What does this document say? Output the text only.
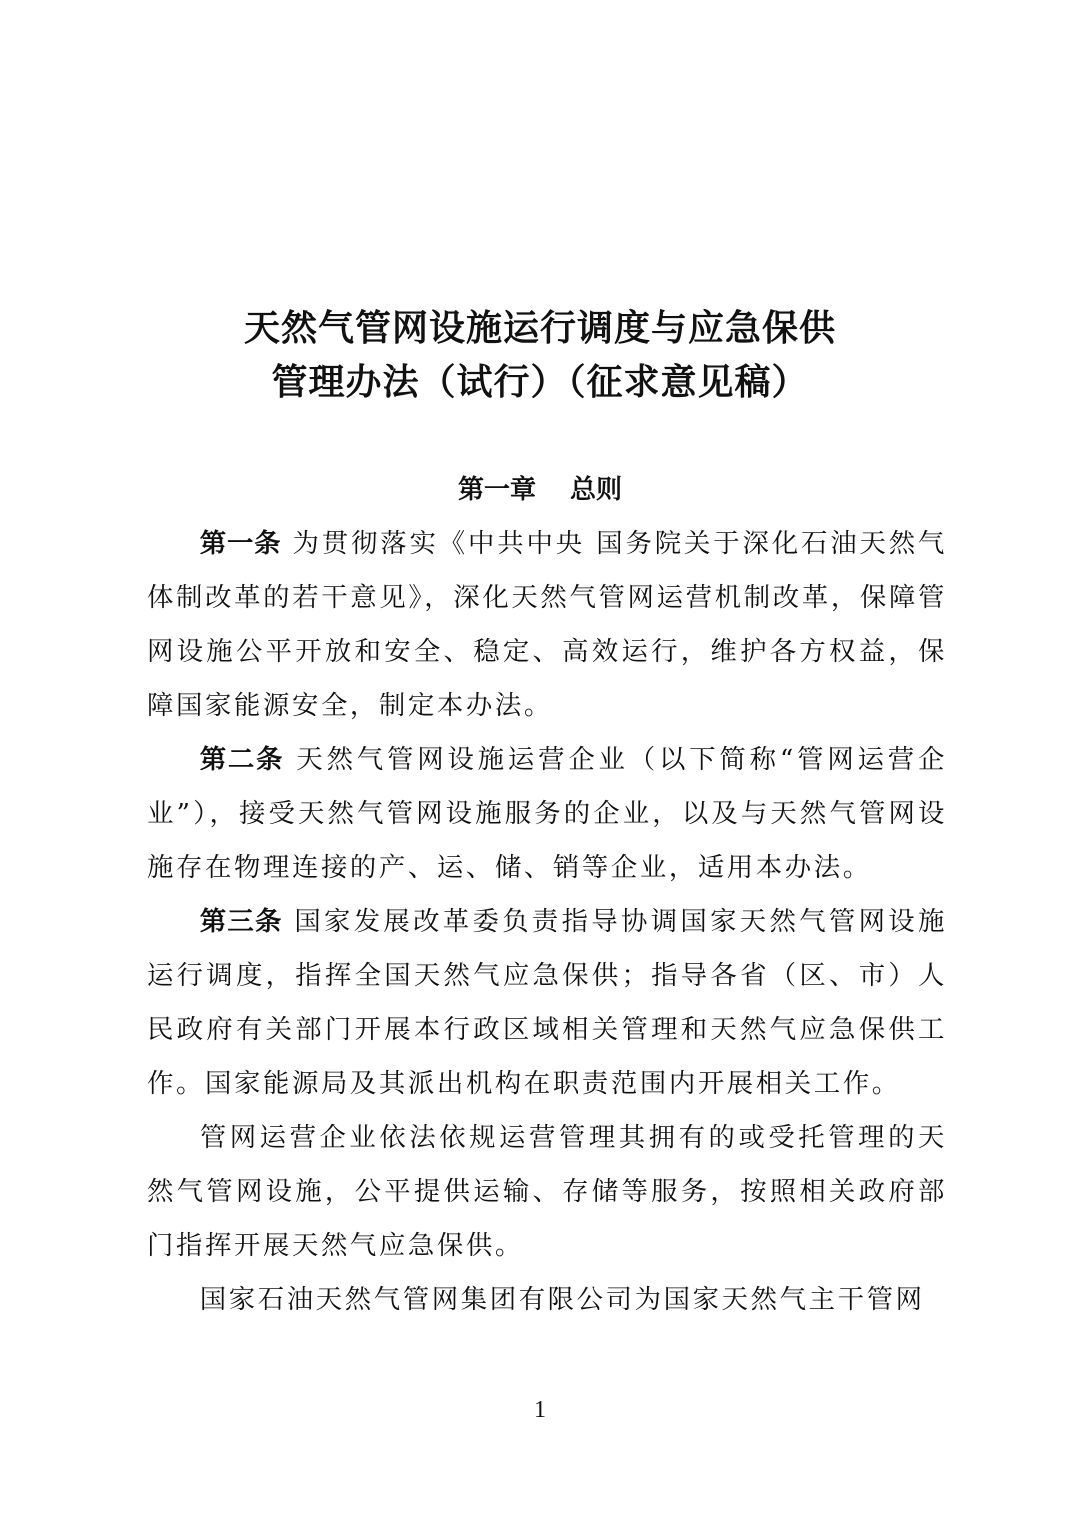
天然气管网设施运行调度与应急保供
管理办法（试行）（征求意见稿）
第一章 总则

第一条 为贯彻落实《中共中央 国务院关于深化石油天然气体制改革的若干意见》，深化天然气管网运营机制改革，保障管网设施公平开放和安全、稳定、高效运行，维护各方权益，保障国家能源安全，制定本办法。

第二条 天然气管网设施运营企业（以下简称“管网运营企业”），接受天然气管网设施服务的企业，以及与天然气管网设施存在物理连接的产、运、储、销等企业，适用本办法。

第三条 国家发展改革委负责指导协调国家天然气管网设施运行调度，指挥全国天然气应急保供；指导各省（区、市）人民政府有关部门开展本行政区域相关管理和天然气应急保供工作。国家能源局及其派出机构在职责范围内开展相关工作。

管网运营企业依法依规运营管理其拥有的或受托管理的天然气管网设施，公平提供运输、存储等服务，按照相关政府部门指挥开展天然气应急保供。

国家石油天然气管网集团有限公司为国家天然气主干管网

1
